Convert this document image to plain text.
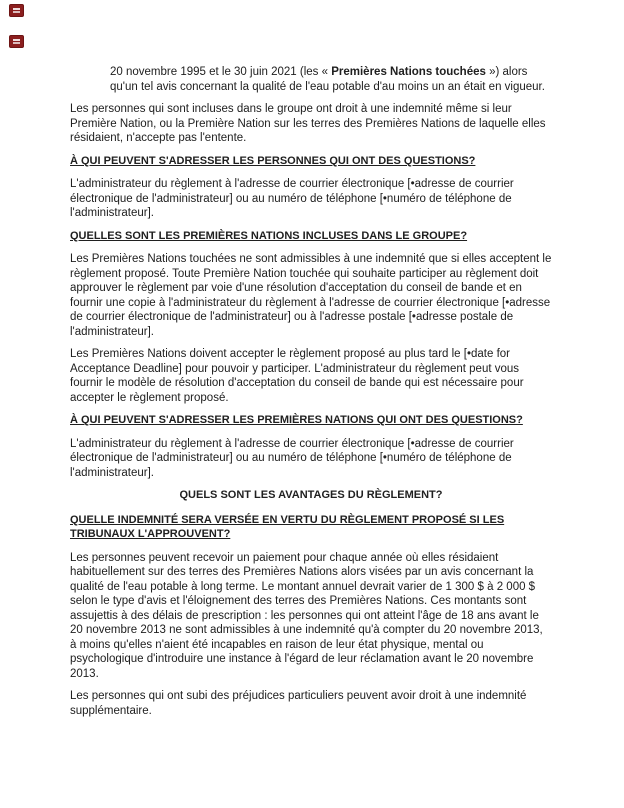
20 novembre 1995 et le 30 juin 2021 (les « Premières Nations touchées ») alors qu'un tel avis concernant la qualité de l'eau potable d'au moins un an était en vigueur.

Les personnes qui sont incluses dans le groupe ont droit à une indemnité même si leur Première Nation, ou la Première Nation sur les terres des Premières Nations de laquelle elles résidaient, n'accepte pas l'entente.

À QUI PEUVENT S'ADRESSER LES PERSONNES QUI ONT DES QUESTIONS?

L'administrateur du règlement à l'adresse de courrier électronique [•adresse de courrier électronique de l'administrateur] ou au numéro de téléphone [•numéro de téléphone de l'administrateur].

QUELLES SONT LES PREMIÈRES NATIONS INCLUSES DANS LE GROUPE?

Les Premières Nations touchées ne sont admissibles à une indemnité que si elles acceptent le règlement proposé. Toute Première Nation touchée qui souhaite participer au règlement doit approuver le règlement par voie d'une résolution d'acceptation du conseil de bande et en fournir une copie à l'administrateur du règlement à l'adresse de courrier électronique [•adresse de courrier électronique de l'administrateur] ou à l'adresse postale [•adresse postale de l'administrateur].

Les Premières Nations doivent accepter le règlement proposé au plus tard le [•date for Acceptance Deadline] pour pouvoir y participer. L'administrateur du règlement peut vous fournir le modèle de résolution d'acceptation du conseil de bande qui est nécessaire pour accepter le règlement proposé.

À QUI PEUVENT S'ADRESSER LES PREMIÈRES NATIONS QUI ONT DES QUESTIONS?

L'administrateur du règlement à l'adresse de courrier électronique [•adresse de courrier électronique de l'administrateur] ou au numéro de téléphone [•numéro de téléphone de l'administrateur].

QUELS SONT LES AVANTAGES DU RÈGLEMENT?
QUELLE INDEMNITÉ SERA VERSÉE EN VERTU DU RÈGLEMENT PROPOSÉ SI LES TRIBUNAUX L'APPROUVENT?

Les personnes peuvent recevoir un paiement pour chaque année où elles résidaient habituellement sur des terres des Premières Nations alors visées par un avis concernant la qualité de l'eau potable à long terme. Le montant annuel devrait varier de 1 300 $ à 2 000 $ selon le type d'avis et l'éloignement des terres des Premières Nations. Ces montants sont assujettis à des délais de prescription : les personnes qui ont atteint l'âge de 18 ans avant le 20 novembre 2013 ne sont admissibles à une indemnité qu'à compter du 20 novembre 2013, à moins qu'elles n'aient été incapables en raison de leur état physique, mental ou psychologique d'introduire une instance à l'égard de leur réclamation avant le 20 novembre 2013.

Les personnes qui ont subi des préjudices particuliers peuvent avoir droit à une indemnité supplémentaire.
